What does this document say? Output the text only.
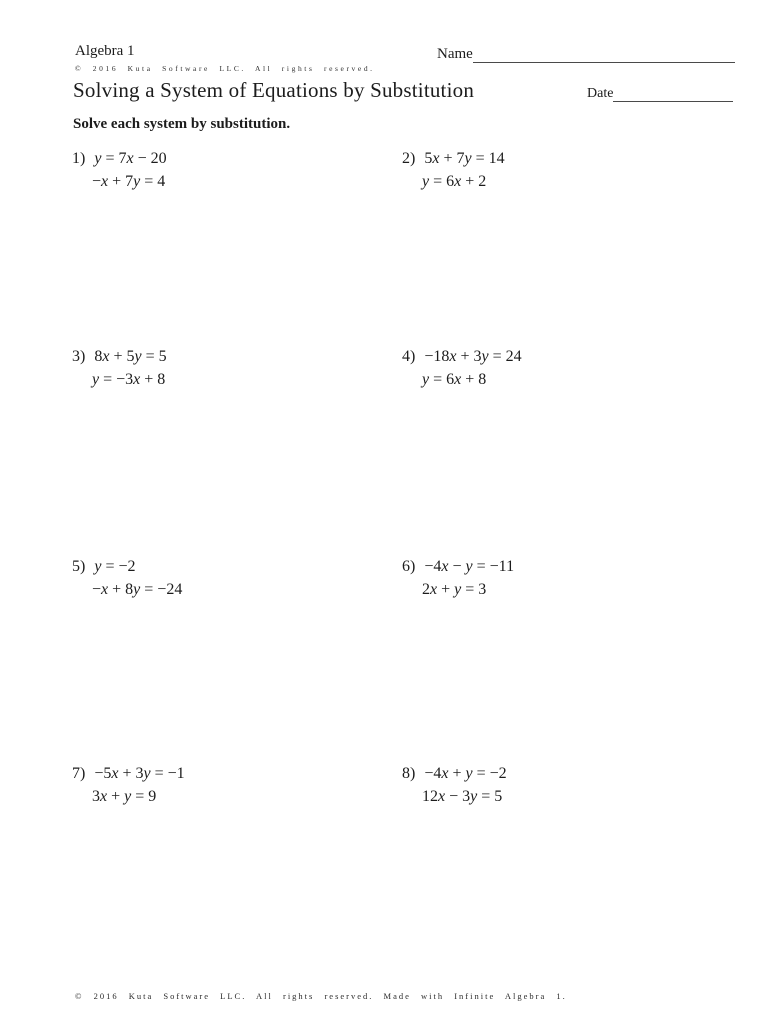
Algebra 1
© 2016 Kuta Software LLC. All rights reserved.
Solving a System of Equations by Substitution
Name
Date
Solve each system by substitution.
1) y = 7x − 20
−x + 7y = 4
2) 5x + 7y = 14
y = 6x + 2
3) 8x + 5y = 5
y = −3x + 8
4) −18x + 3y = 24
y = 6x + 8
5) y = −2
−x + 8y = −24
6) −4x − y = −11
2x + y = 3
7) −5x + 3y = −1
3x + y = 9
8) −4x + y = −2
12x − 3y = 5
© 2016 Kuta Software LLC. All rights reserved. Made with Infinite Algebra 1.
